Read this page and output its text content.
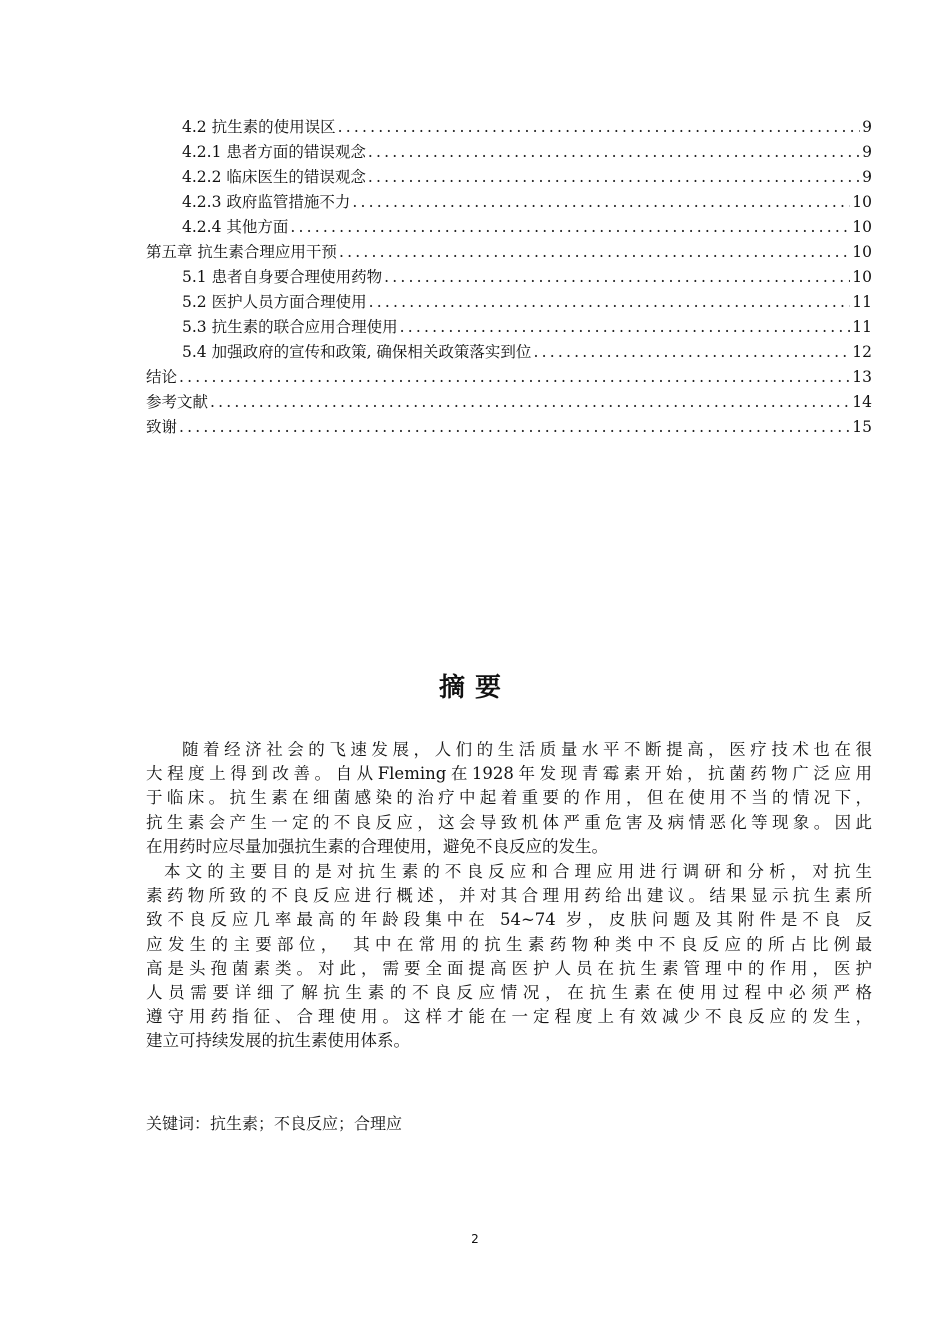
4.2 抗生素的使用误区 .....	9
4.2.1 患者方面的错误观念 .....	9
4.2.2 临床医生的错误观念 .....	9
4.2.3 政府监管措施不力 .....	10
4.2.4 其他方面 .....	10
第五章 抗生素合理应用干预 .....	10
5.1 患者自身要合理使用药物 .....	10
5.2 医护人员方面合理使用 .....	11
5.3 抗生素的联合应用合理使用 .....	11
5.4 加强政府的宣传和政策, 确保相关政策落实到位 .....	12
结论 .....	13
参考文献 .....	14
致谢 .....	15
摘要
随着经济社会的飞速发展，人们的生活质量水平不断提高，医疗技术也在很
大程度上得到改善。自从Fleming在1928年发现青霉素开始，抗菌药物广泛应用
于临床。抗生素在细菌感染的治疗中起着重要的作用，但在使用不当的情况下，
抗生素会产生一定的不良反应，这会导致机体严重危害及病情恶化等现象。因此
在用药时应尽量加强抗生素的合理使用，避免不良反应的发生。
本文的主要目的是对抗生素的不良反应和合理应用进行调研和分析，对抗生
素药物所致的不良反应进行概述，并对其合理用药给出建议。结果显示抗生素所
致不良反应几率最高的年龄段集中在 54~74 岁，皮肤问题及其附件是不良 反
应发生的主要部位， 其中在常用的抗生素药物种类中不良反应的所占比例最
高是头孢菌素类。对此，需要全面提高医护人员在抗生素管理中的作用，医护
人员需要详细了解抗生素的不良反应情况，在抗生素在使用过程中必须严格
遵守用药指征、合理使用。这样才能在一定程度上有效减少不良反应的发生，
建立可持续发展的抗生素使用体系。
关键词：抗生素；不良反应；合理应
2
